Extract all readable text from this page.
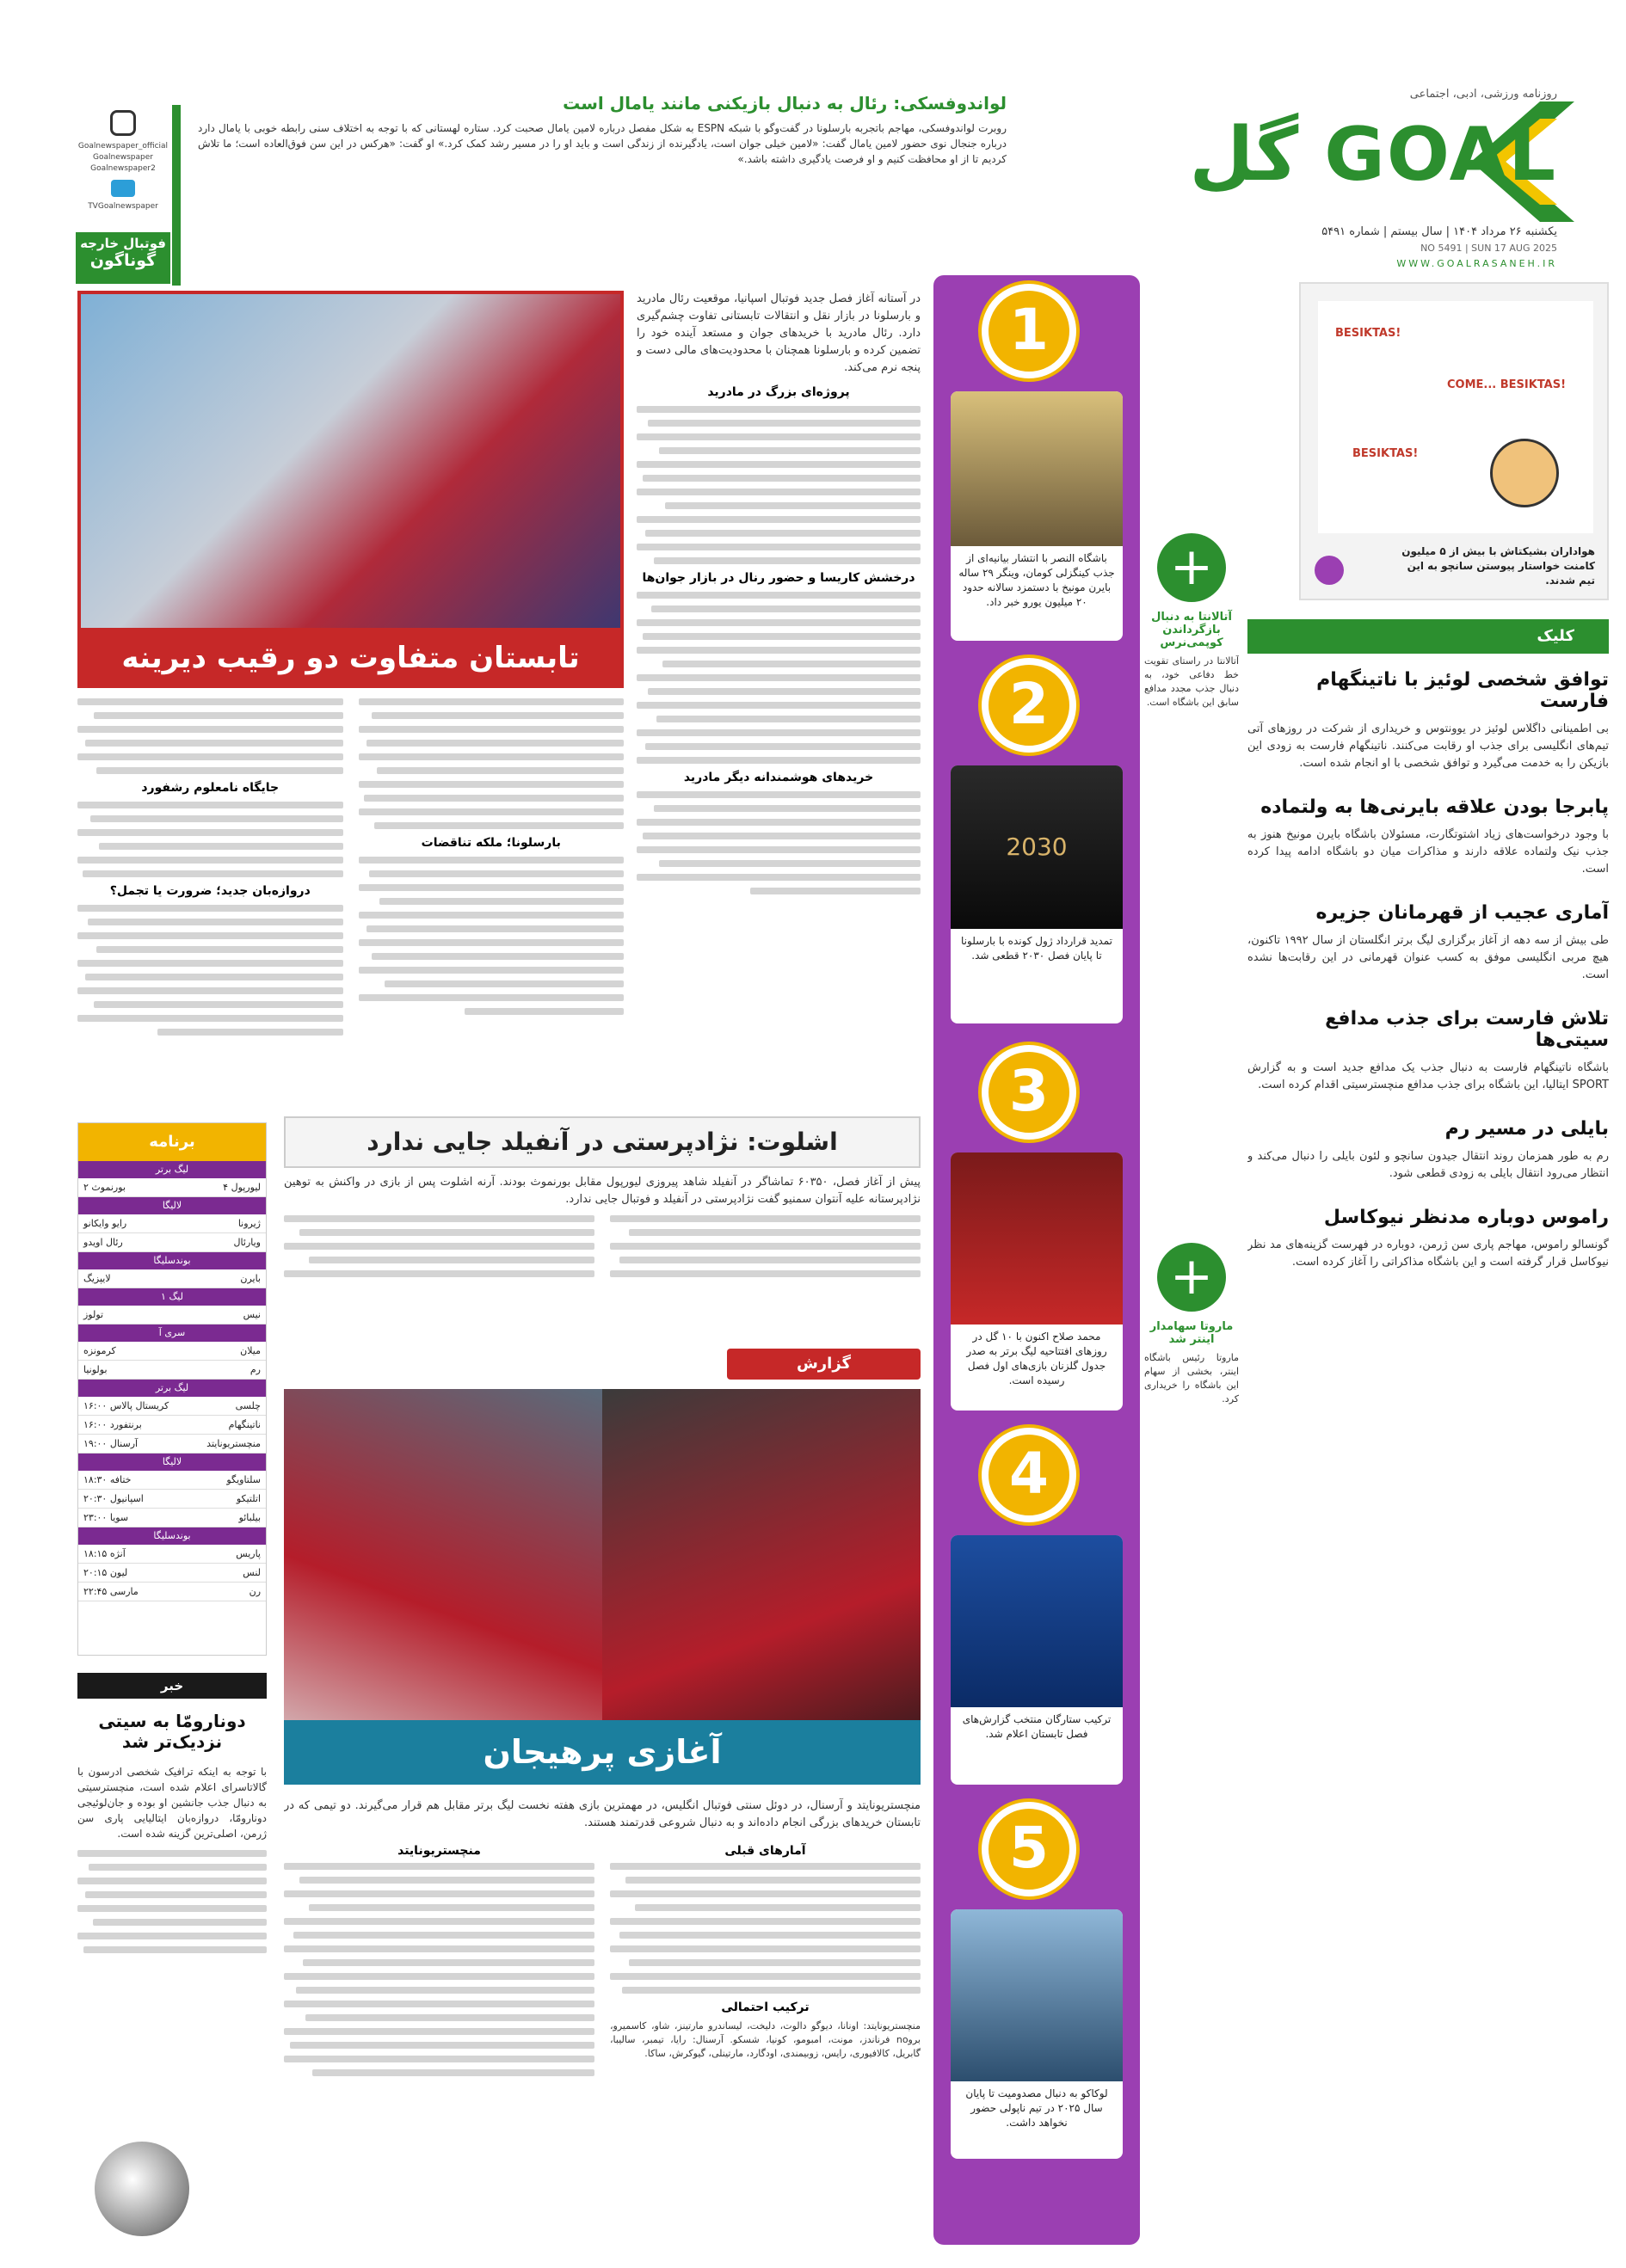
روزنامه ورزشی، ادبی، اجتماعی
گل GOAL
یکشنبه ۲۶ مرداد ۱۴۰۴ | سال بیستم | شماره ۵۴۹۱
NO 5491 | SUN 17 AUG 2025
WWW.GOALRASANEH.IR
لواندوفسکی: رئال به دنبال بازیکنی مانند یامال است
روبرت لواندوفسکی، مهاجم باتجربه بارسلونا در گفت‌وگو با شبکه ESPN به شکل مفصل درباره لامین یامال صحبت کرد. ستاره لهستانی که با توجه به اختلاف سنی رابطه خوبی با یامال دارد درباره جنجال نوی حضور لامین یامال گفت: «لامین خیلی جوان است، یادگیرنده از زندگی است و باید او را در مسیر رشد کمک کرد.» او گفت: «هرکس در این سن فوق‌العاده است؛ ما تلاش کردیم تا از او محافظت کنیم و او فرصت یادگیری داشته باشد.»
Goalnewspaper_official
Goalnewspaper
Goalnewspaper2
TVGoalnewspaper
فوتبال خارجه
گوناگون
BESIKTAS!
COME... BESIKTAS!
BESIKTAS!
هواداران بشیکتاش با بیش از ۵ میلیون کامنت خواستار پیوستن سانچو به این تیم شدند.
کلیک
توافق شخصی لوئیز با ناتینگهام فارست
بی اطمینانی داگلاس لوئیز در یوونتوس و خریداری از شرکت در روزهای آتی تیم‌های انگلیسی برای جذب او رقابت می‌کنند. ناتینگهام فارست به زودی این بازیکن را به خدمت می‌گیرد و توافق شخصی با او انجام شده است.
پابرجا بودن علاقه بایرنی‌ها به ولتماده
با وجود درخواست‌های زیاد اشتوتگارت، مسئولان باشگاه بایرن مونیخ هنوز به جذب نیک ولتماده علاقه دارند و مذاکرات میان دو باشگاه ادامه پیدا کرده است.
آماری عجیب از قهرمانان جزیره
طی بیش از سه دهه از آغاز برگزاری لیگ برتر انگلستان از سال ۱۹۹۲ تاکنون، هیچ مربی انگلیسی موفق به کسب عنوان قهرمانی در این رقابت‌ها نشده است.
تلاش فارست برای جذب مدافع سیتی‌ها
باشگاه ناتینگهام فارست به دنبال جذب یک مدافع جدید است و به گزارش SPORT ایتالیا، این باشگاه برای جذب مدافع منچسترسیتی اقدام کرده است.
بایلی در مسیر رم
رم به طور همزمان روند انتقال جیدون سانچو و لئون بایلی را دنبال می‌کند و انتظار می‌رود انتقال بایلی به زودی قطعی شود.
راموس دوباره مدنظر نیوکاسل
گونسالو راموس، مهاجم پاری سن ژرمن، دوباره در فهرست گزینه‌های مد نظر نیوکاسل قرار گرفته است و این باشگاه مذاکراتی را آغاز کرده است.
+
آتالانتا به دنبال بازگرداندن کوپمی‌نرس
آتالانتا در راستای تقویت خط دفاعی خود، به دنبال جذب مجدد مدافع سابق این باشگاه است.
+
ماروتا سهامدار اینتر شد
ماروتا رئیس باشگاه اینتر، بخشی از سهام این باشگاه را خریداری کرد.
1
باشگاه النصر با انتشار بیانیه‌ای از جذب کینگزلی کومان، وینگر ۲۹ ساله بایرن مونیخ با دستمزد سالانه حدود ۲۰ میلیون یورو خبر داد.
2
2030
تمدید قرارداد ژول کونده با بارسلونا تا پایان فصل ۲۰۳۰ قطعی شد.
3
محمد صلاح اکنون با ۱۰ گل در روزهای افتتاحیه لیگ برتر به صدر جدول گلزنان بازی‌های اول فصل رسیده است.
4
ترکیب ستارگان منتخب گزارش‌های فصل تابستان اعلام شد.
5
لوکاکو به دنبال مصدومیت تا پایان سال ۲۰۲۵ در تیم ناپولی حضور نخواهد داشت.
تابستان متفاوت دو رقیب دیرینه
در آستانه آغاز فصل جدید فوتبال اسپانیا، موقعیت رئال مادرید و بارسلونا در بازار نقل و انتقالات تابستانی تفاوت چشم‌گیری دارد. رئال مادرید با خریدهای جوان و مستعد آینده خود را تضمین کرده و بارسلونا همچنان با محدودیت‌های مالی دست و پنجه نرم می‌کند.
پروژه‌ای بزرگ در مادرید
درخشش کاریسا و حضور رنال در بازار جوان‌ها
خریدهای هوشمندانه دیگر مادرید
بارسلونا؛ ملکه تناقضات
جایگاه نامعلوم رشفورد
دروازه‌بان جدید؛ ضرورت یا تجمل؟
اشلوت: نژادپرستی در آنفیلد جایی ندارد
پیش از آغاز فصل، ۶۰۳۵۰ تماشاگر در آنفیلد شاهد پیروزی لیورپول مقابل بورنموث بودند. آرنه اشلوت پس از بازی در واکنش به توهین نژادپرستانه علیه آنتوان سمنیو گفت نژادپرستی در آنفیلد و فوتبال جایی ندارد.
گزارش
آغازی پرهیجان
منچستریونایتد و آرسنال، در دوئل سنتی فوتبال انگلیس، در مهمترین بازی هفته نخست لیگ برتر مقابل هم قرار می‌گیرند. دو تیمی که در تابستان خریدهای بزرگی انجام داده‌اند و به دنبال شروعی قدرتمند هستند.
آمارهای قبلی
ترکیب احتمالی
منچستریونایتد: اونانا، دیوگو دالوت، دلیخت، لیساندرو مارتینز، شاو، کاسمیرو، بروno فرناندز، مونت، امبومو، کونیا، شسکو. آرسنال: رایا، تیمبر، سالیبا، گابریل، کالافیوری، رایس، زوبیمندی، اودگارد، مارتینلی، گیوکرش، ساکا.
منچستریونایتد
برنامه
لیگ برتر
لیورپول ۴
بورنموث ۲
لالیگا
ژیرونا
رایو وایکانو
ویارئال
رئال اویدو
بوندسلیگا
بایرن
لایپزیگ
لیگ ۱
نیس
تولوز
سری آ
میلان
کرمونزه
رم
بولونیا
لیگ برتر
چلسی
کریستال پالاس ۱۶:۰۰
ناتینگهام
برنتفورد ۱۶:۰۰
منچستریونایتد
آرسنال ۱۹:۰۰
لالیگا
سلتاویگو
ختافه ۱۸:۳۰
اتلتیکو
اسپانیول ۲۰:۳۰
بیلبائو
سویا ۲۳:۰۰
بوندسلیگا
پاریس
آنژه ۱۸:۱۵
لنس
لیون ۲۰:۱۵
رن
مارسی ۲۲:۴۵
خبر
دونارومّا به سیتی نزدیک‌تر شد
با توجه به اینکه ترافیک شخصی ادرسون با گالاتاسرای اعلام شده است، منچسترسیتی به دنبال جذب جانشین او بوده و جان‌لوئیجی دونارومّا، دروازه‌بان ایتالیایی پاری سن ژرمن، اصلی‌ترین گزینه شده است.
